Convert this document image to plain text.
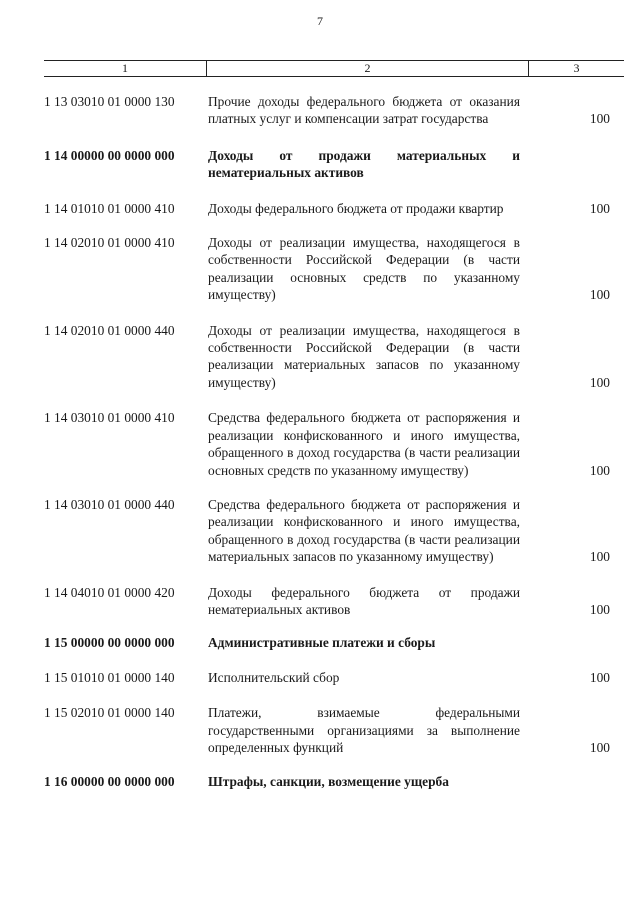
7
1	2	3
1 13 03010 01 0000 130	Прочие доходы федерального бюджета от оказания платных услуг и компенсации затрат государства	100
1 14 00000 00 0000 000	Доходы от продажи материальных и нематериальных активов
1 14 01010 01 0000 410	Доходы федерального бюджета от продажи квартир	100
1 14 02010 01 0000 410	Доходы от реализации имущества, находящегося в собственности Российской Федерации (в части реализации основных средств по указанному имуществу)	100
1 14 02010 01 0000 440	Доходы от реализации имущества, находящегося в собственности Российской Федерации (в части реализации материальных запасов по указанному имуществу)	100
1 14 03010 01 0000 410	Средства федерального бюджета от распоряжения и реализации конфискованного и иного имущества, обращенного в доход государства (в части реализации основных средств по указанному имуществу)	100
1 14 03010 01 0000 440	Средства федерального бюджета от распоряжения и реализации конфискованного и иного имущества, обращенного в доход государства (в части реализации материальных запасов по указанному имуществу)	100
1 14 04010 01 0000 420	Доходы федерального бюджета от продажи нематериальных активов	100
1 15 00000 00 0000 000	Административные платежи и сборы
1 15 01010 01 0000 140	Исполнительский сбор	100
1 15 02010 01 0000 140	Платежи, взимаемые федеральными государственными организациями за выполнение определенных функций	100
1 16 00000 00 0000 000	Штрафы, санкции, возмещение ущерба
